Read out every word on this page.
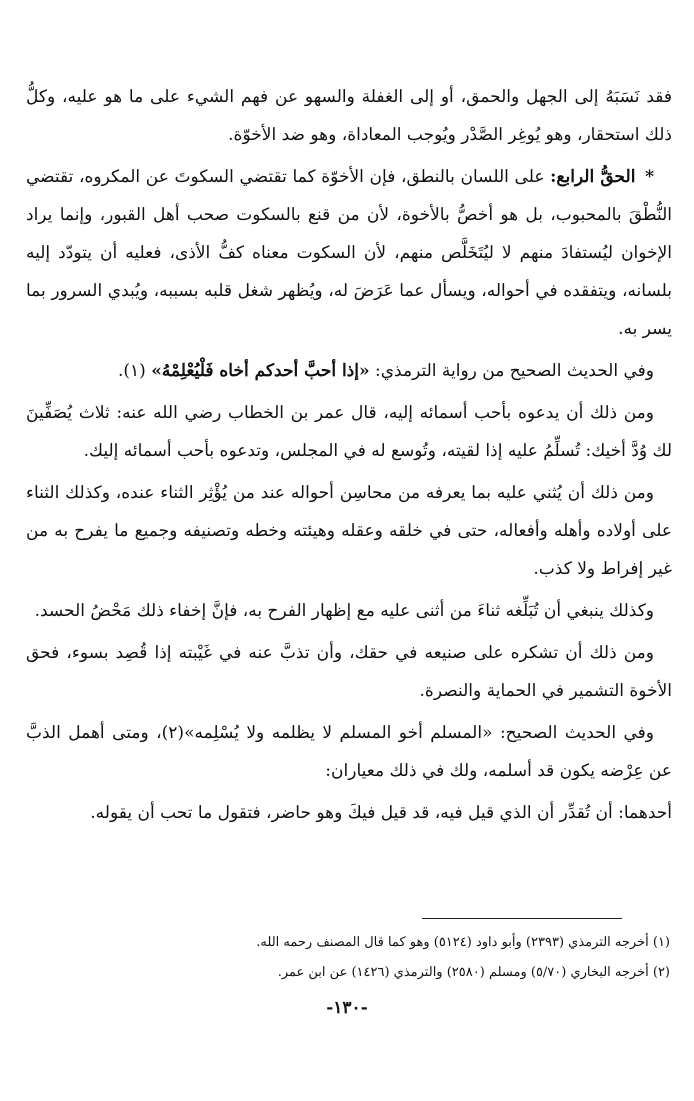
فقد نَسَبَهُ إلى الجهل والحمق، أو إلى الغفلة والسهو عن فهم الشيء على ما هو عليه، وكلُّ ذلك استحقار، وهو يُوغِر الصَّدْر ويُوجب المعاداة، وهو ضد الأخوّة.

* الحقُّ الرابع: على اللسان بالنطق، فإن الأخوّة كما تقتضي السكوتَ عن المكروه، تقتضي النُّطْقَ بالمحبوب، بل هو أخصُّ بالأخوة، لأن من قنع بالسكوت صحب أهل القبور، وإنما يراد الإخوان ليُستفادَ منهم لا ليُتَخَلَّص منهم، لأن السكوت معناه كفُّ الأذى، فعليه أن يتودّد إليه بلسانه، ويتفقده في أحواله، ويسأل عما عَرَضَ له، ويُظهر شغل قلبه بسببه، ويُبدي السرور بما يسر به.

وفي الحديث الصحيح من رواية الترمذي: «إذا أحبَّ أحدكم أخاه فَلْيُعْلِمْهُ» (١).

ومن ذلك أن يدعوه بأحب أسمائه إليه، قال عمر بن الخطاب رضي الله عنه: ثلاث يُصَفِّينَ لك وُدَّ أخيك: تُسلِّمُ عليه إذا لقيته، وتُوسع له في المجلس، وتدعوه بأحب أسمائه إليك.

ومن ذلك أن يُثني عليه بما يعرفه من محاسِن أحواله عند من يُؤْثِر الثناء عنده، وكذلك الثناء على أولاده وأهله وأفعاله، حتى في خلقه وعقله وهيئته وخطه وتصنيفه وجميع ما يفرح به من غير إفراط ولا كذب.

وكذلك ينبغي أن تُبَلِّغه ثناءَ من أثنى عليه مع إظهار الفرح به، فإنَّ إخفاء ذلك مَحْضُ الحسد.

ومن ذلك أن تشكره على صنيعه في حقك، وأن تذبَّ عنه في غَيْبته إذا قُصِد بسوء، فحق الأخوة التشمير في الحماية والنصرة.

وفي الحديث الصحيح: «المسلم أخو المسلم لا يظلمه ولا يُسْلِمه»(٢)، ومتى أهمل الذبَّ عن عِرْضه يكون قد أسلمه، ولك في ذلك معياران:

أحدهما: أن تُقدِّر أن الذي قيل فيه، قد قيل فيكَ وهو حاضر، فتقول ما تحب أن يقوله.

(١) أخرجه الترمذي (٢٣٩٣) وأبو داود (٥١٢٤) وهو كما قال المصنف رحمه الله.

(٢) أخرجه البخاري (٥/٧٠) ومسلم (٢٥٨٠) والترمذي (١٤٢٦) عن ابن عمر.

-١٣٠-
